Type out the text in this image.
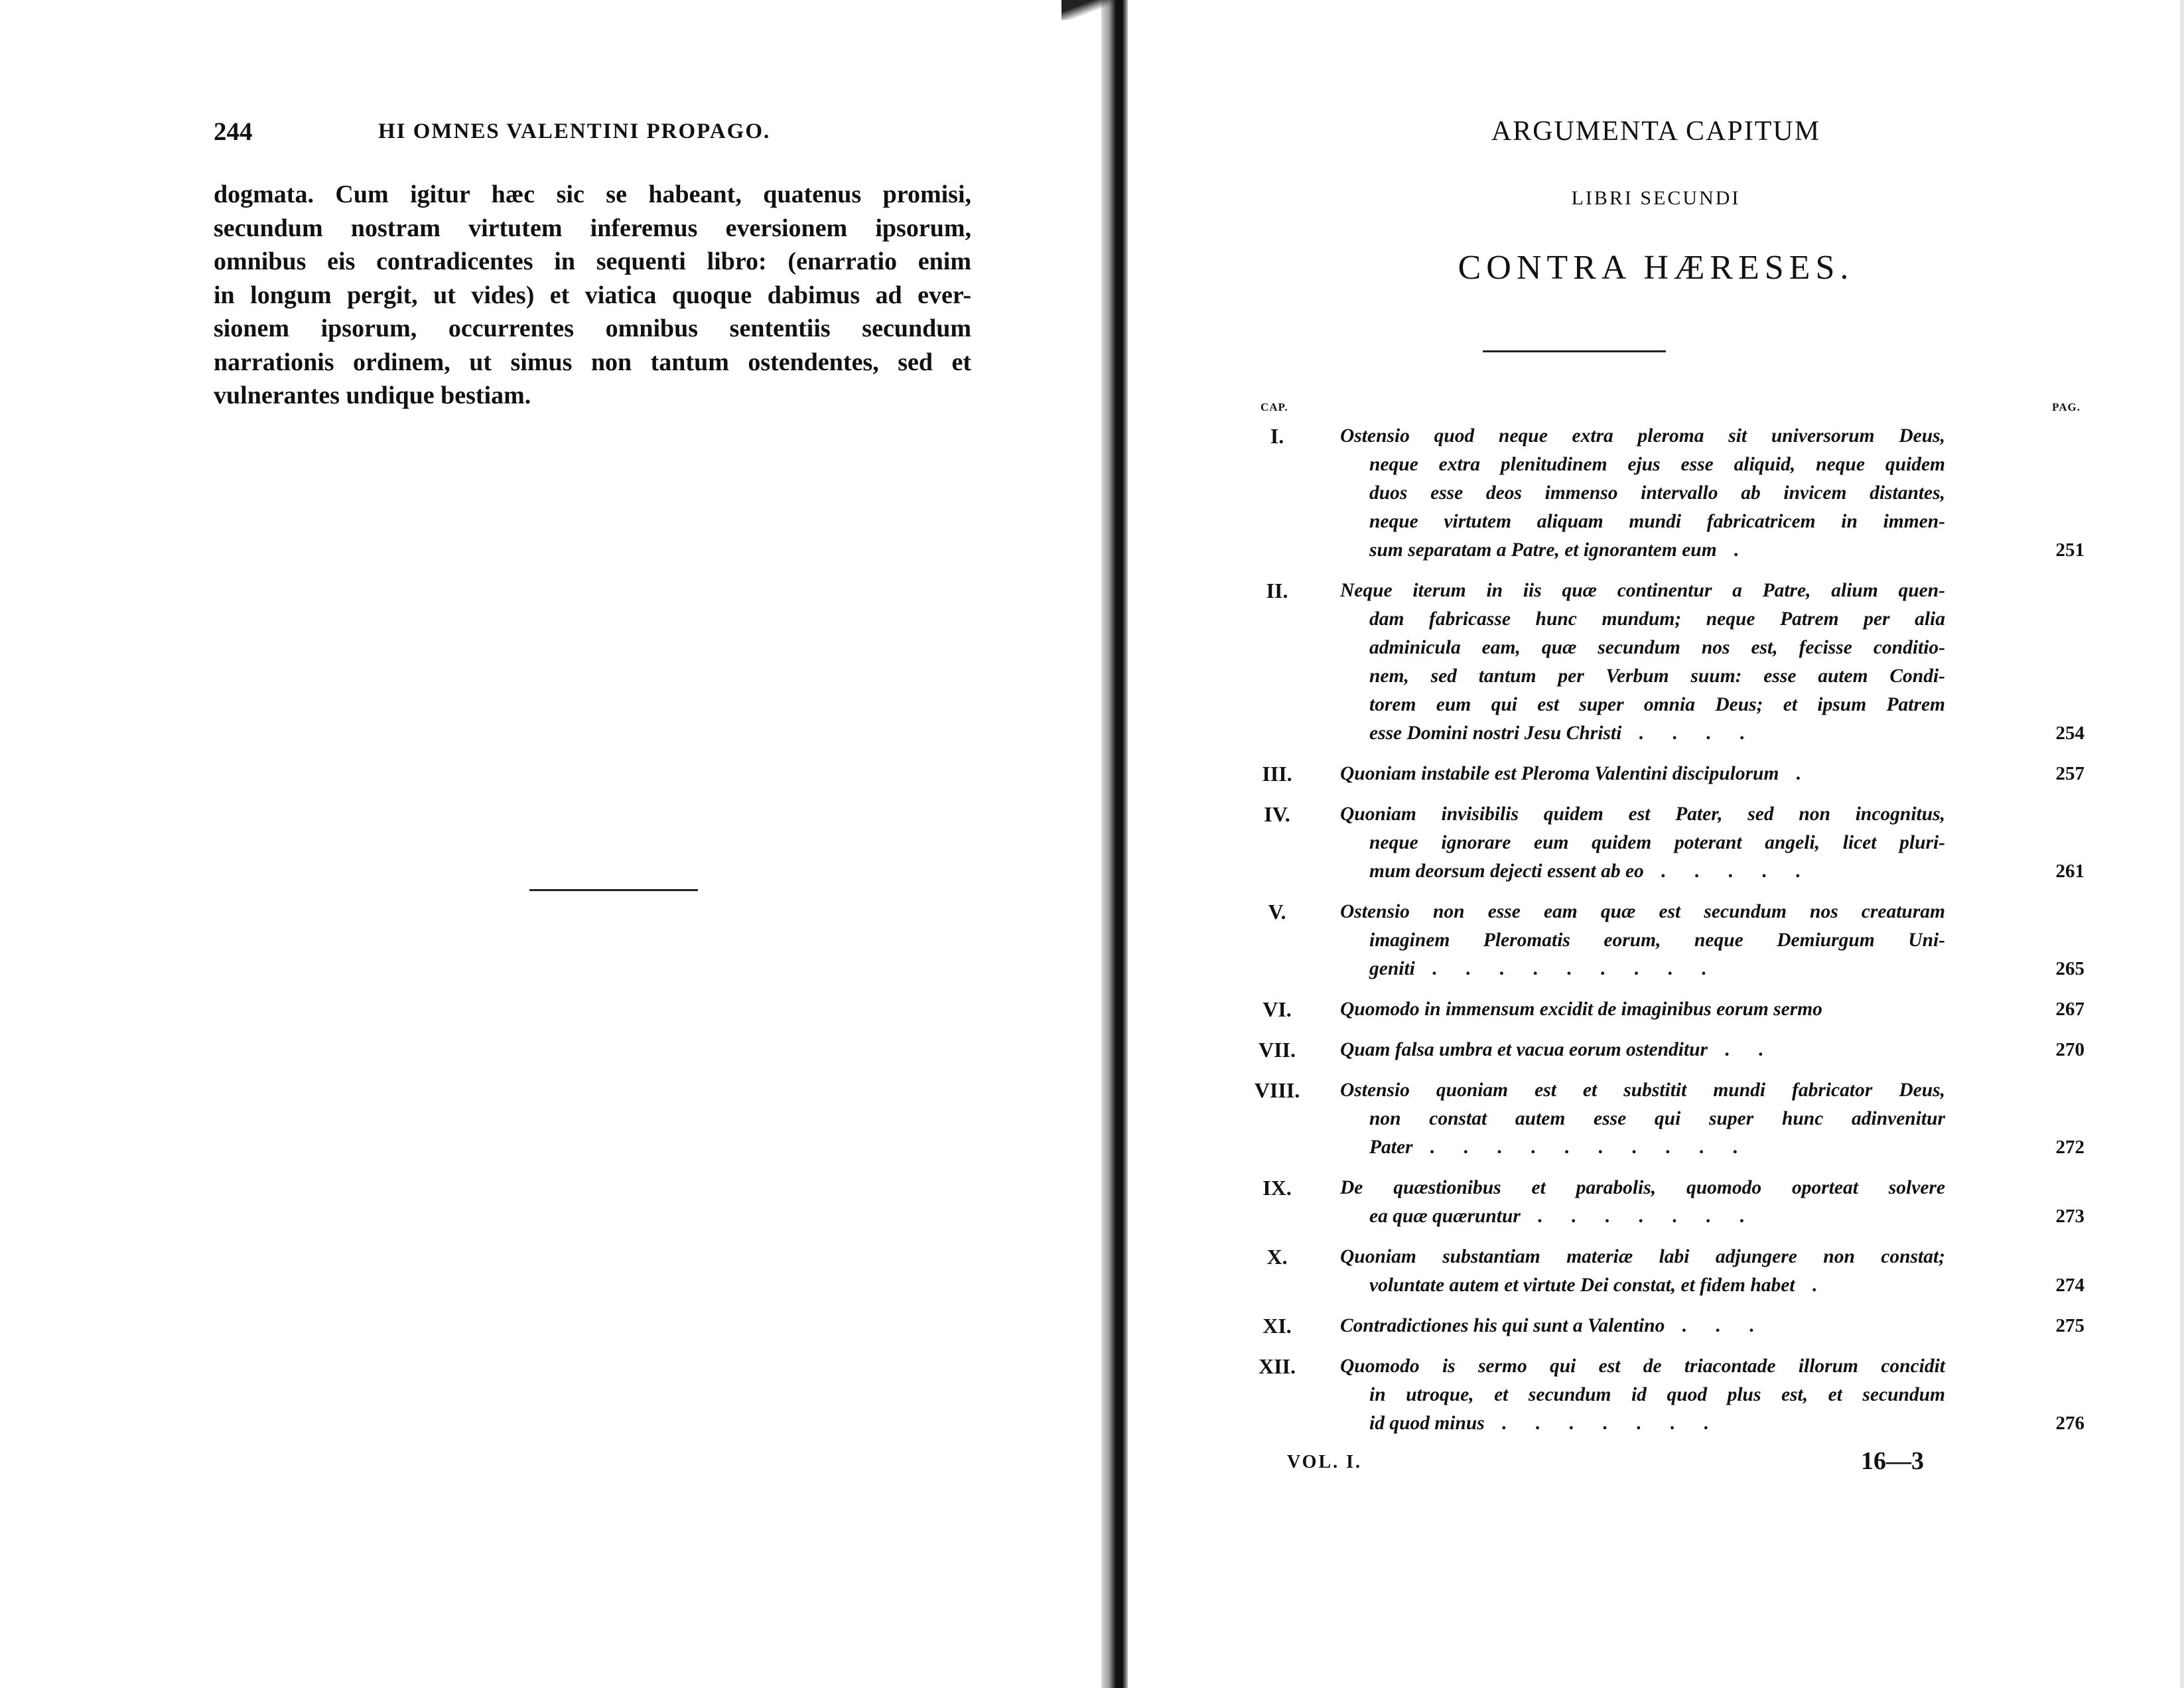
244	HI OMNES VALENTINI PROPAGO.

dogmata. Cum igitur hæc sic se habeant, quatenus promisi,
secundum nostram virtutem inferemus eversionem ipsorum,
omnibus eis contradicentes in sequenti libro: (enarratio enim
in longum pergit, ut vides) et viatica quoque dabimus ad ever-
sionem ipsorum, occurrentes omnibus sententiis secundum
narrationis ordinem, ut simus non tantum ostendentes, sed et
vulnerantes undique bestiam.

ARGUMENTA CAPITUM
LIBRI SECUNDI
CONTRA HÆRESES.
CAP.	PAG.
I.	Ostensio quod neque extra pleroma sit universorum Deus,
neque extra plenitudinem ejus esse aliquid, neque quidem
duos esse deos immenso intervallo ab invicem distantes,
neque virtutem aliquam mundi fabricatricem in immen-
sum separatam a Patre, et ignorantem eum .	251
II.	Neque iterum in iis quæ continentur a Patre, alium quen-
dam fabricasse hunc mundum; neque Patrem per alia
adminicula eam, quæ secundum nos est, fecisse conditio-
nem, sed tantum per Verbum suum: esse autem Condi-
torem eum qui est super omnia Deus; et ipsum Patrem
esse Domini nostri Jesu Christi . . . .	254
III.	Quoniam instabile est Pleroma Valentini discipulorum .	257
IV.	Quoniam invisibilis quidem est Pater, sed non incognitus,
neque ignorare eum quidem poterant angeli, licet pluri-
mum deorsum dejecti essent ab eo . . . . .	261
V.	Ostensio non esse eam quæ est secundum nos creaturam
imaginem Pleromatis eorum, neque Demiurgum Uni-
geniti . . . . . . . . .	265
VI.	Quomodo in immensum excidit de imaginibus eorum sermo	267
VII.	Quam falsa umbra et vacua eorum ostenditur . .	270
VIII.	Ostensio quoniam est et substitit mundi fabricator Deus,
non constat autem esse qui super hunc adinvenitur
Pater . . . . . . . . . .	272
IX.	De quæstionibus et parabolis, quomodo oporteat solvere
ea quæ quæruntur . . . . . . .	273
X.	Quoniam substantiam materiæ labi adjungere non constat;
voluntate autem et virtute Dei constat, et fidem habet .	274
XI.	Contradictiones his qui sunt a Valentino . . .	275
XII.	Quomodo is sermo qui est de triacontade illorum concidit
in utroque, et secundum id quod plus est, et secundum
id quod minus . . . . . . .	276
VOL. I.	16—3
